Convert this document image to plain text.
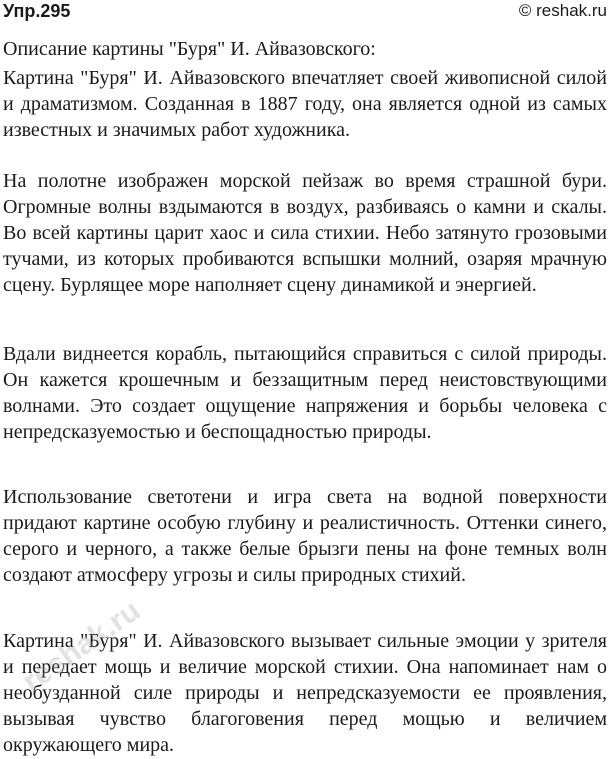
Упр.295	© reshak.ru
Описание картины "Буря" И. Айвазовского:

Картина "Буря" И. Айвазовского впечатляет своей живописной силой и драматизмом. Созданная в 1887 году, она является одной из самых известных и значимых работ художника.

На полотне изображен морской пейзаж во время страшной бури. Огромные волны вздымаются в воздух, разбиваясь о камни и скалы. Во всей картины царит хаос и сила стихии. Небо затянуто грозовыми тучами, из которых пробиваются вспышки молний, озаряя мрачную сцену. Бурлящее море наполняет сцену динамикой и энергией.

Вдали виднеется корабль, пытающийся справиться с силой природы. Он кажется крошечным и беззащитным перед неистовствующими волнами. Это создает ощущение напряжения и борьбы человека с непредсказуемостью и беспощадностью природы.

Использование светотени и игра света на водной поверхности придают картине особую глубину и реалистичность. Оттенки синего, серого и черного, а также белые брызги пены на фоне темных волн создают атмосферу угрозы и силы природных стихий.

Картина "Буря" И. Айвазовского вызывает сильные эмоции у зрителя и передает мощь и величие морской стихии. Она напоминает нам о необузданной силе природы и непредсказуемости ее проявления, вызывая чувство благоговения перед мощью и величием окружающего мира.

reshak.ru
